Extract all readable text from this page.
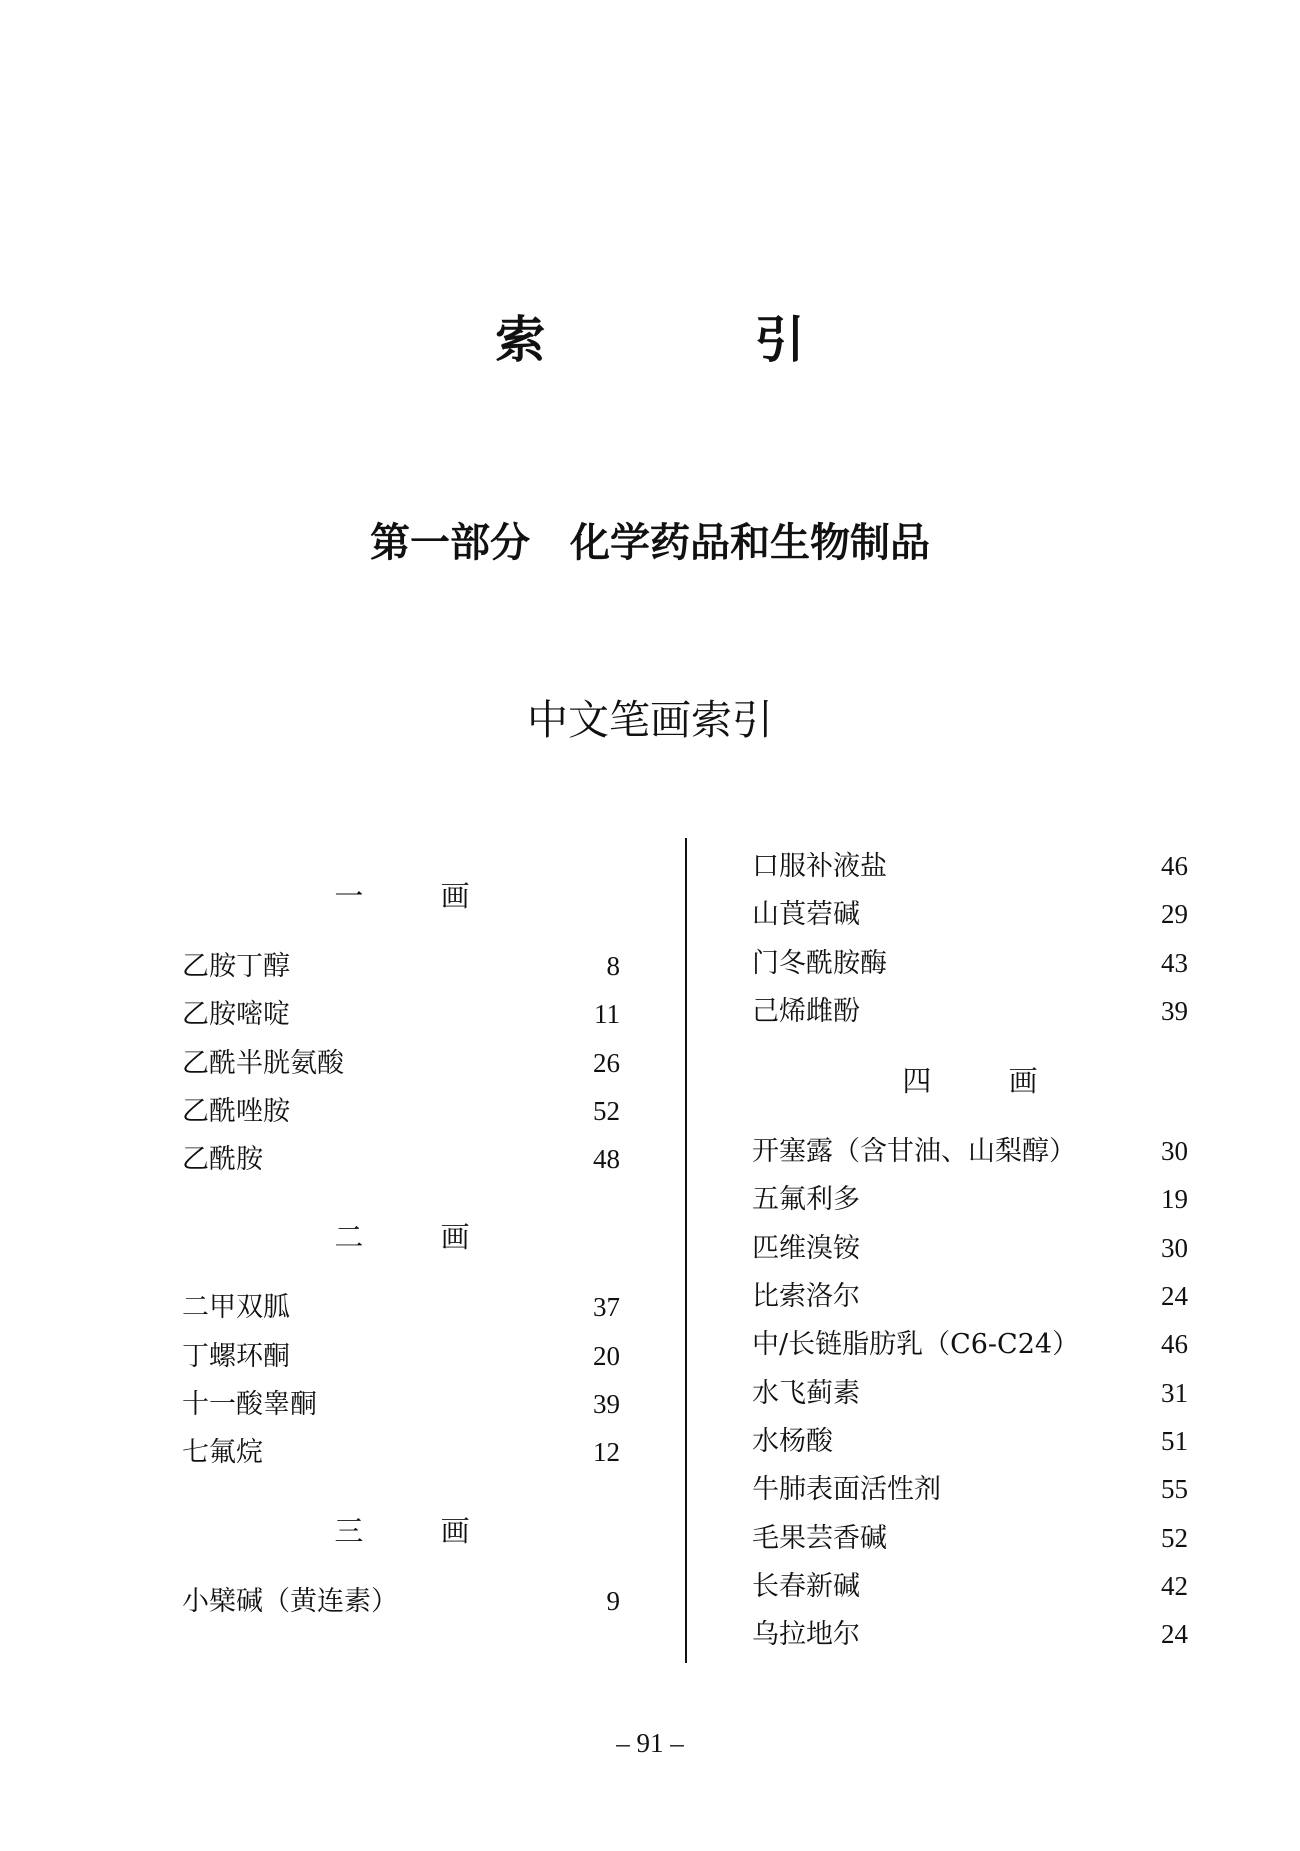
索 引
第一部分　化学药品和生物制品
中文笔画索引
一 画
乙胺丁醇	8
乙胺嘧啶	11
乙酰半胱氨酸	26
乙酰唑胺	52
乙酰胺	48
二 画
二甲双胍	37
丁螺环酮	20
十一酸睾酮	39
七氟烷	12
三 画
小檗碱（黄连素）	9
口服补液盐	46
山莨菪碱	29
门冬酰胺酶	43
己烯雌酚	39
四 画
开塞露（含甘油、山梨醇）	30
五氟利多	19
匹维溴铵	30
比索洛尔	24
中/长链脂肪乳（C6-C24）	46
水飞蓟素	31
水杨酸	51
牛肺表面活性剂	55
毛果芸香碱	52
长春新碱	42
乌拉地尔	24
– 91 –
